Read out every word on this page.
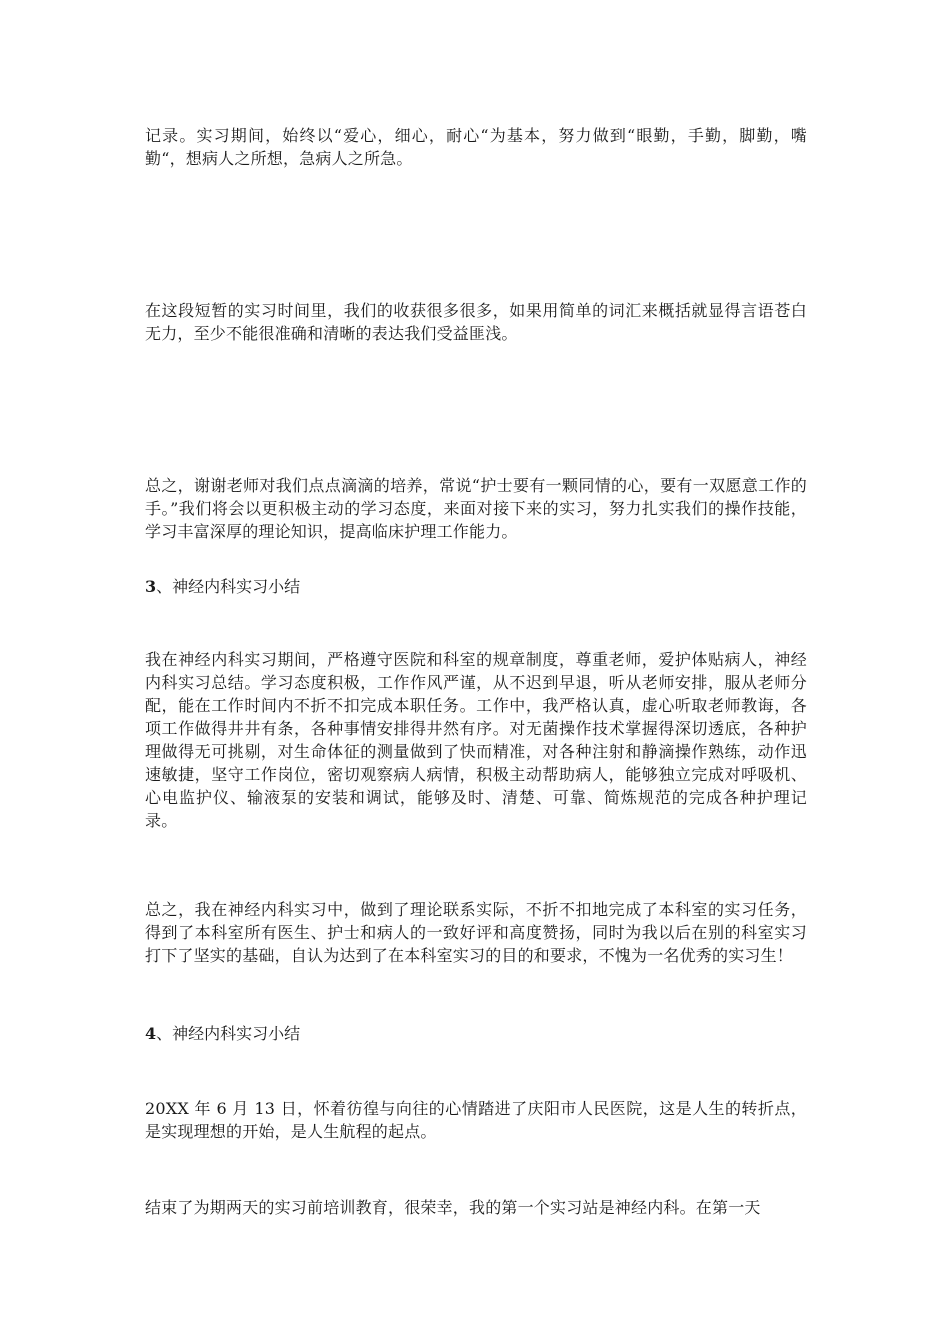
记录。实习期间，始终以“爱心，细心，耐心“为基本，努力做到“眼勤，手勤，脚勤，嘴勤“，想病人之所想，急病人之所急。

在这段短暂的实习时间里，我们的收获很多很多，如果用简单的词汇来概括就显得言语苍白无力，至少不能很准确和清晰的表达我们受益匪浅。

总之，谢谢老师对我们点点滴滴的培养，常说“护士要有一颗同情的心，要有一双愿意工作的手。”我们将会以更积极主动的学习态度，来面对接下来的实习，努力扎实我们的操作技能，学习丰富深厚的理论知识，提高临床护理工作能力。

3、神经内科实习小结

我在神经内科实习期间，严格遵守医院和科室的规章制度，尊重老师，爱护体贴病人，神经内科实习总结。学习态度积极，工作作风严谨，从不迟到早退，听从老师安排，服从老师分配，能在工作时间内不折不扣完成本职任务。工作中，我严格认真，虚心听取老师教诲，各项工作做得井井有条，各种事情安排得井然有序。对无菌操作技术掌握得深切透底，各种护理做得无可挑剔，对生命体征的测量做到了快而精准，对各种注射和静滴操作熟练，动作迅速敏捷，坚守工作岗位，密切观察病人病情，积极主动帮助病人，能够独立完成对呼吸机、心电监护仪、输液泵的安装和调试，能够及时、清楚、可靠、简炼规范的完成各种护理记录。

总之，我在神经内科实习中，做到了理论联系实际，不折不扣地完成了本科室的实习任务，得到了本科室所有医生、护士和病人的一致好评和高度赞扬，同时为我以后在别的科室实习打下了坚实的基础，自认为达到了在本科室实习的目的和要求，不愧为一名优秀的实习生！

4、神经内科实习小结

20XX 年 6 月 13 日，怀着彷徨与向往的心情踏进了庆阳市人民医院，这是人生的转折点，是实现理想的开始，是人生航程的起点。

结束了为期两天的实习前培训教育，很荣幸，我的第一个实习站是神经内科。在第一天
